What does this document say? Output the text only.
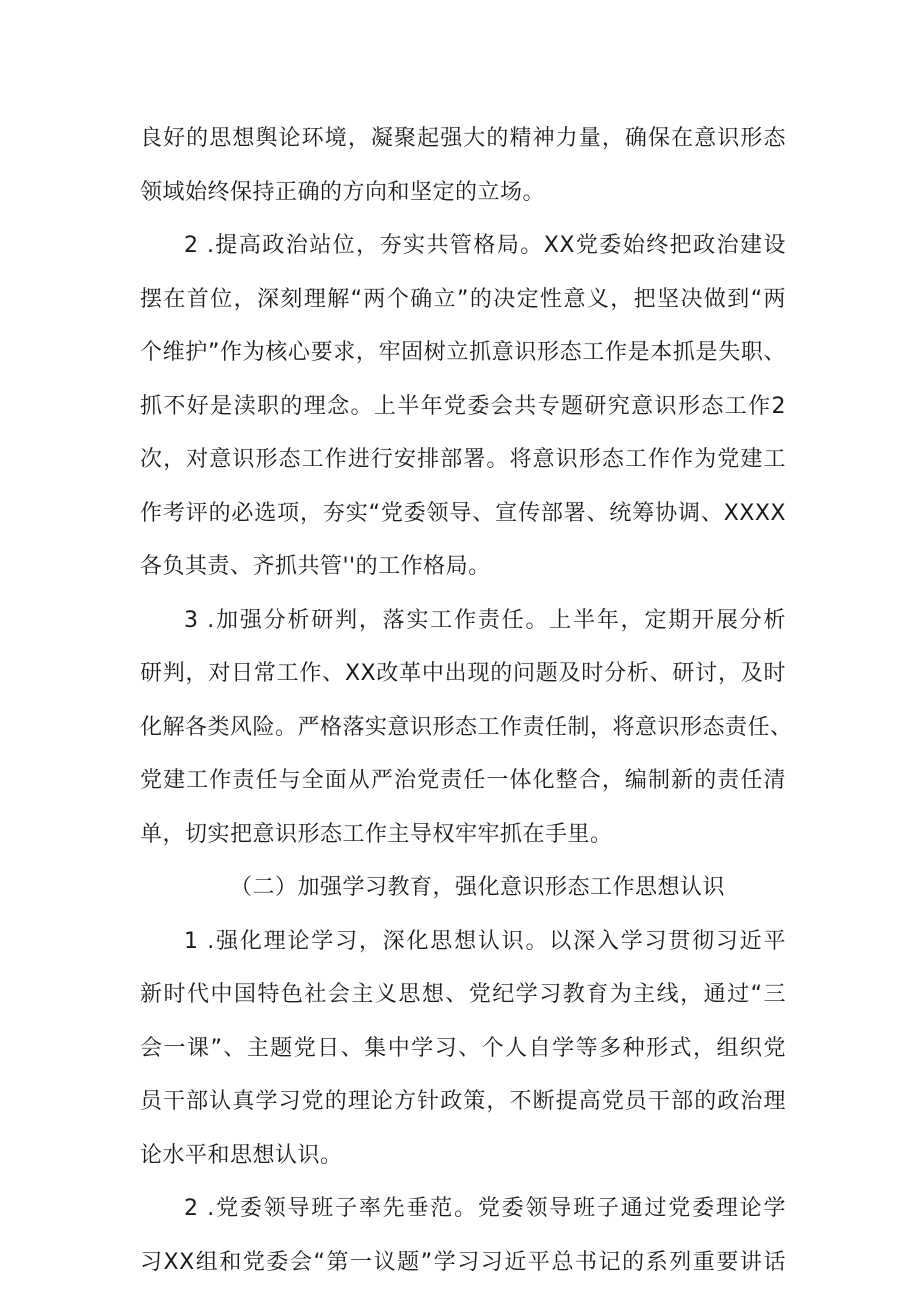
良好的思想舆论环境，凝聚起强大的精神力量，确保在意识形态
领域始终保持正确的方向和坚定的立场。
2 .提高政治站位，夯实共管格局。XX党委始终把政治建设
摆在首位，深刻理解“两个确立”的决定性意义，把坚决做到“两
个维护”作为核心要求，牢固树立抓意识形态工作是本抓是失职、
抓不好是渎职的理念。上半年党委会共专题研究意识形态工作2
次，对意识形态工作进行安排部署。将意识形态工作作为党建工
作考评的必选项，夯实“党委领导、宣传部署、统筹协调、XXXX
各负其责、齐抓共管''的工作格局。
3 .加强分析研判，落实工作责任。上半年，定期开展分析
研判，对日常工作、XX改革中出现的问题及时分析、研讨，及时
化解各类风险。严格落实意识形态工作责任制，将意识形态责任、
党建工作责任与全面从严治党责任一体化整合，编制新的责任清
单，切实把意识形态工作主导权牢牢抓在手里。
（二）加强学习教育，强化意识形态工作思想认识
1 .强化理论学习，深化思想认识。以深入学习贯彻习近平
新时代中国特色社会主义思想、党纪学习教育为主线，通过“三
会一课”、主题党日、集中学习、个人自学等多种形式，组织党
员干部认真学习党的理论方针政策，不断提高党员干部的政治理
论水平和思想认识。
2 .党委领导班子率先垂范。党委领导班子通过党委理论学
习XX组和党委会“第一议题”学习习近平总书记的系列重要讲话
